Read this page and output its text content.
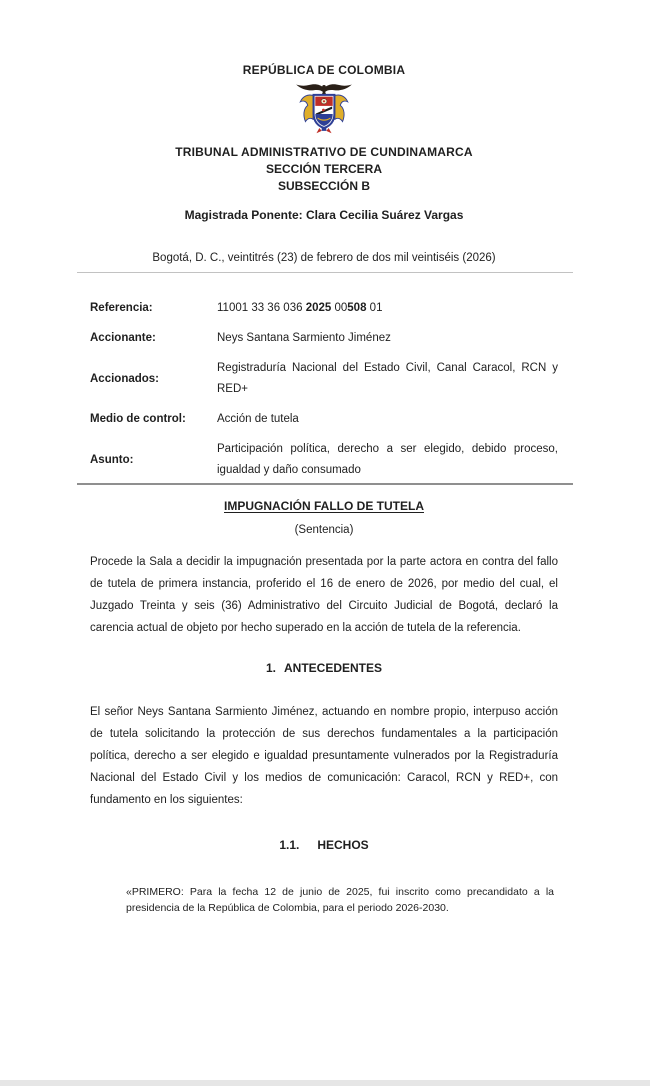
REPÚBLICA DE COLOMBIA
TRIBUNAL ADMINISTRATIVO DE CUNDINAMARCA
SECCIÓN TERCERA
SUBSECCIÓN B
Magistrada Ponente: Clara Cecilia Suárez Vargas
Bogotá, D. C., veintitrés (23) de febrero de dos mil veintiséis (2026)
Referencia:	11001 33 36 036 2025 00508 01
Accionante:	Neys Santana Sarmiento Jiménez
Accionados:
Registraduría Nacional del Estado Civil, Canal Caracol, RCN y RED+
Medio de control:	Acción de tutela
Asunto:
Participación política, derecho a ser elegido, debido proceso, igualdad y daño consumado
IMPUGNACIÓN FALLO DE TUTELA
(Sentencia)
Procede la Sala a decidir la impugnación presentada por la parte actora en contra del fallo de tutela de primera instancia, proferido el 16 de enero de 2026, por medio del cual, el Juzgado Treinta y seis (36) Administrativo del Circuito Judicial de Bogotá, declaró la carencia actual de objeto por hecho superado en la acción de tutela de la referencia.
1. ANTECEDENTES
El señor Neys Santana Sarmiento Jiménez, actuando en nombre propio, interpuso acción de tutela solicitando la protección de sus derechos fundamentales a la participación política, derecho a ser elegido e igualdad presuntamente vulnerados por la Registraduría Nacional del Estado Civil y los medios de comunicación: Caracol, RCN y RED+, con fundamento en los siguientes:
1.1. HECHOS
«PRIMERO: Para la fecha 12 de junio de 2025, fui inscrito como precandidato a la presidencia de la República de Colombia, para el periodo 2026-2030.
